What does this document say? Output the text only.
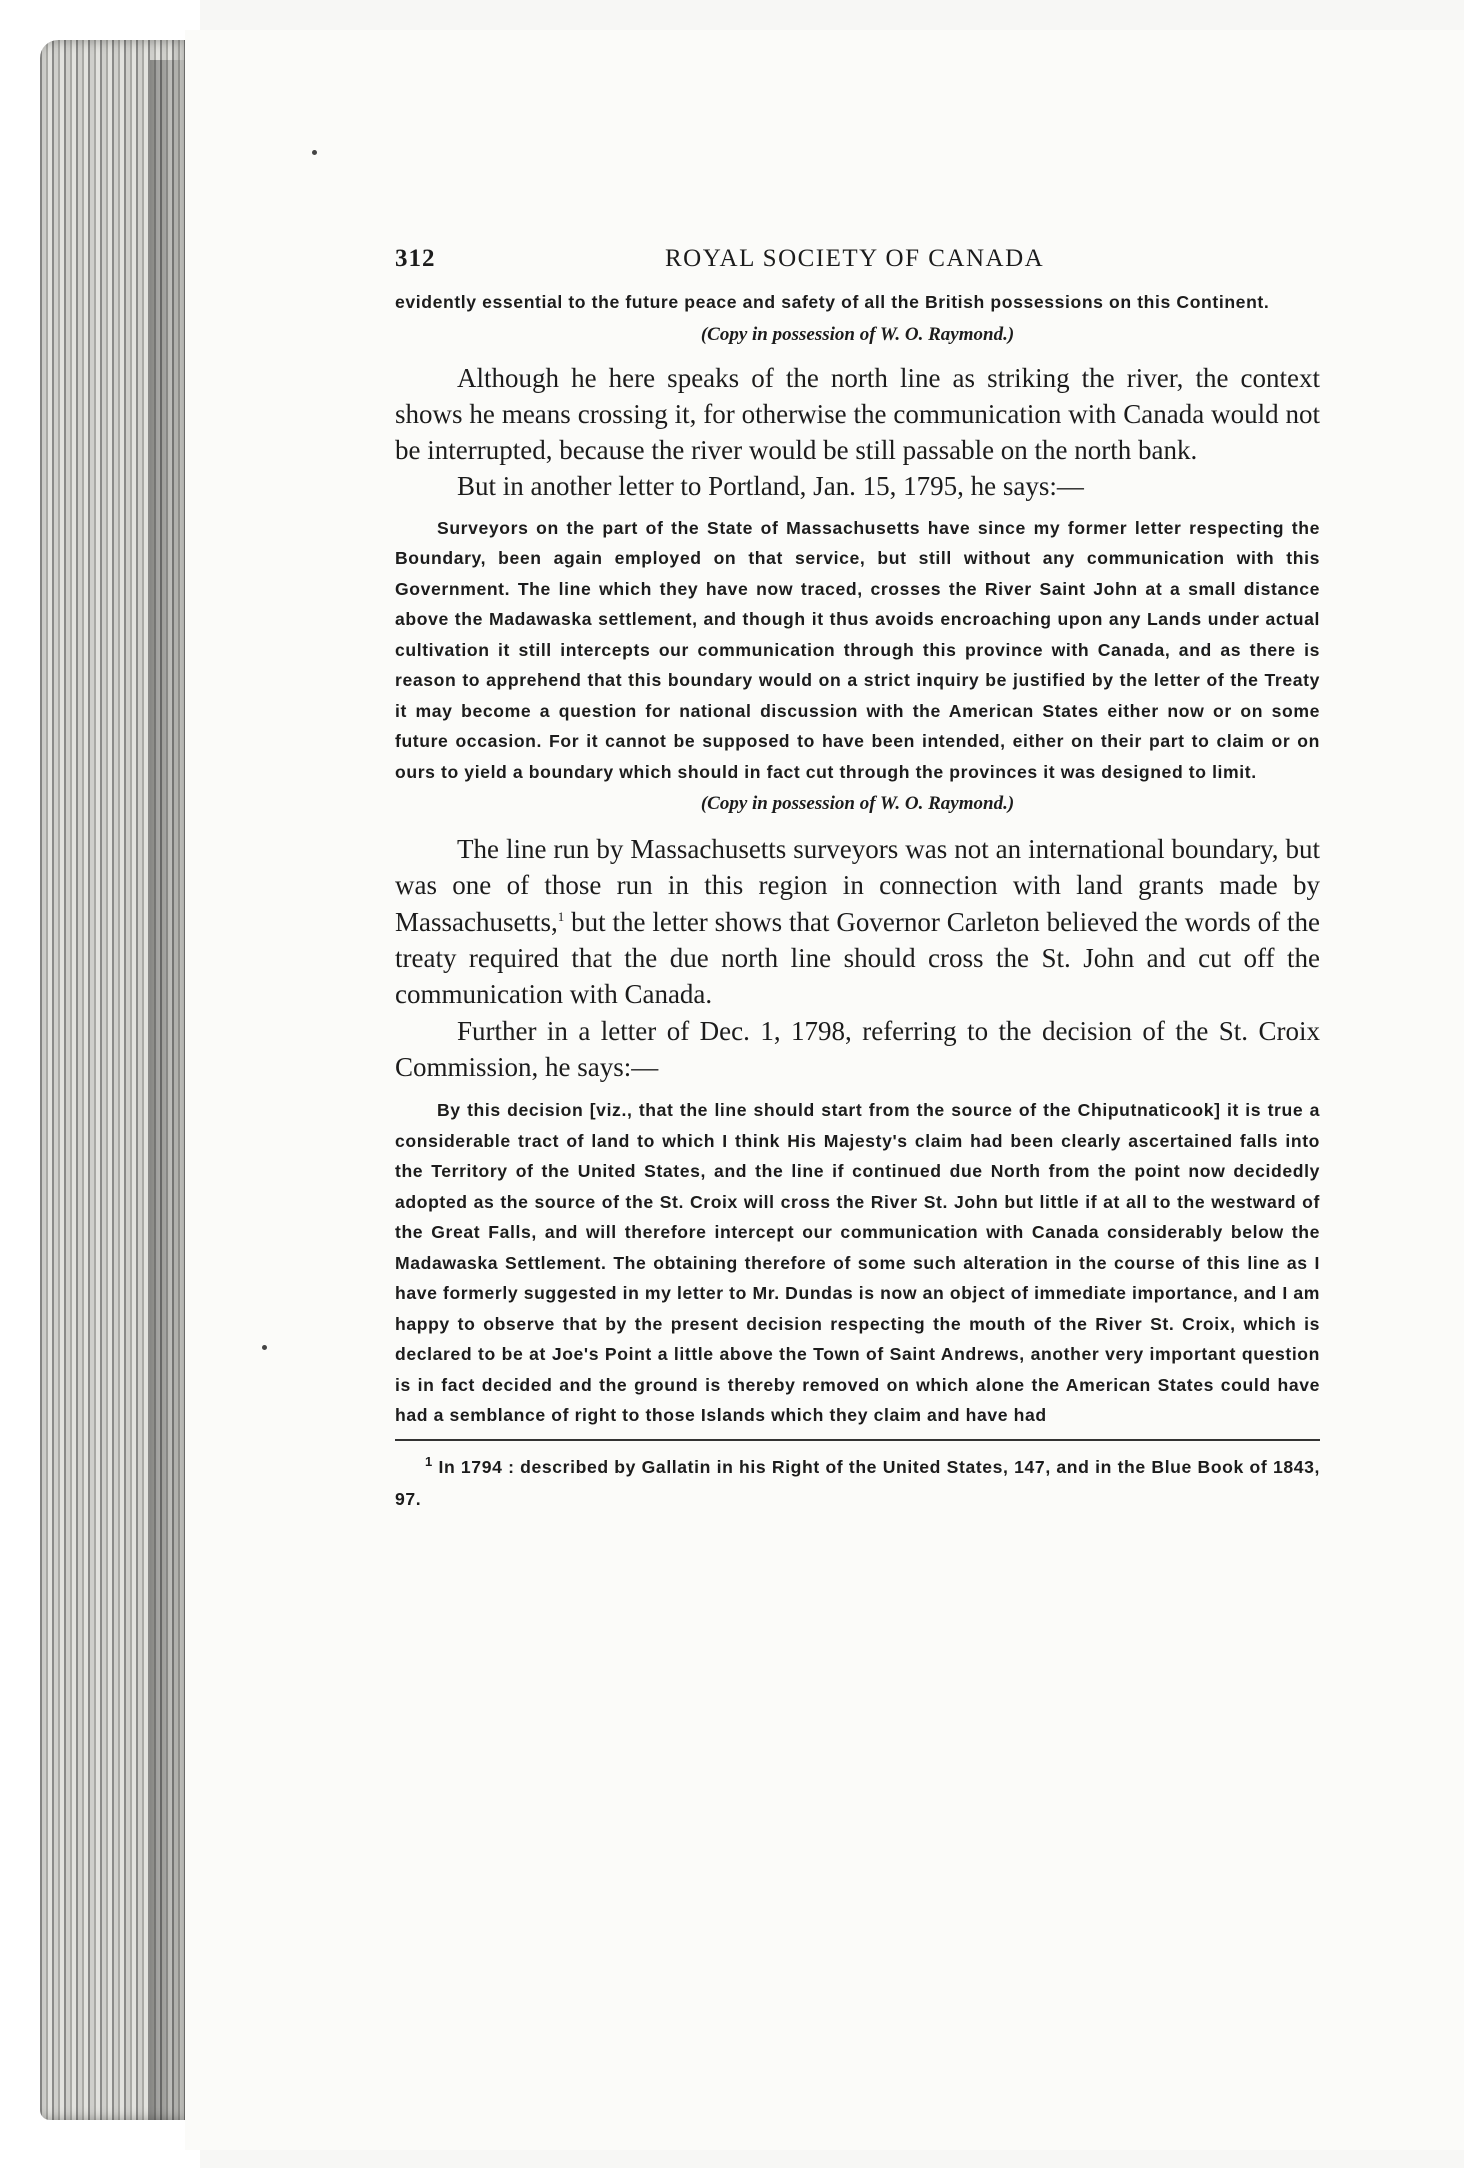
312	ROYAL SOCIETY OF CANADA

evidently essential to the future peace and safety of all the British possessions on this Continent.

(Copy in possession of W. O. Raymond.)

Although he here speaks of the north line as striking the river, the context shows he means crossing it, for otherwise the communication with Canada would not be interrupted, because the river would be still passable on the north bank.

But in another letter to Portland, Jan. 15, 1795, he says:—

Surveyors on the part of the State of Massachusetts have since my former letter respecting the Boundary, been again employed on that service, but still without any communication with this Government. The line which they have now traced, crosses the River Saint John at a small distance above the Madawaska settlement, and though it thus avoids encroaching upon any Lands under actual cultivation it still intercepts our communication through this province with Canada, and as there is reason to apprehend that this boundary would on a strict inquiry be justified by the letter of the Treaty it may become a question for national discussion with the American States either now or on some future occasion. For it cannot be supposed to have been intended, either on their part to claim or on ours to yield a boundary which should in fact cut through the provinces it was designed to limit.

(Copy in possession of W. O. Raymond.)

The line run by Massachusetts surveyors was not an international boundary, but was one of those run in this region in connection with land grants made by Massachusetts,$^1$ but the letter shows that Governor Carleton believed the words of the treaty required that the due north line should cross the St. John and cut off the communication with Canada.

Further in a letter of Dec. 1, 1798, referring to the decision of the St. Croix Commission, he says:—

By this decision [viz., that the line should start from the source of the Chiputnaticook] it is true a considerable tract of land to which I think His Majesty's claim had been clearly ascertained falls into the Territory of the United States, and the line if continued due North from the point now decidedly adopted as the source of the St. Croix will cross the River St. John but little if at all to the westward of the Great Falls, and will therefore intercept our communication with Canada considerably below the Madawaska Settlement. The obtaining therefore of some such alteration in the course of this line as I have formerly suggested in my letter to Mr. Dundas is now an object of immediate importance, and I am happy to observe that by the present decision respecting the mouth of the River St. Croix, which is declared to be at Joe's Point a little above the Town of Saint Andrews, another very important question is in fact decided and the ground is thereby removed on which alone the American States could have had a semblance of right to those Islands which they claim and have had

$^1$ In 1794 : described by Gallatin in his Right of the United States, 147, and in the Blue Book of 1843, 97.
